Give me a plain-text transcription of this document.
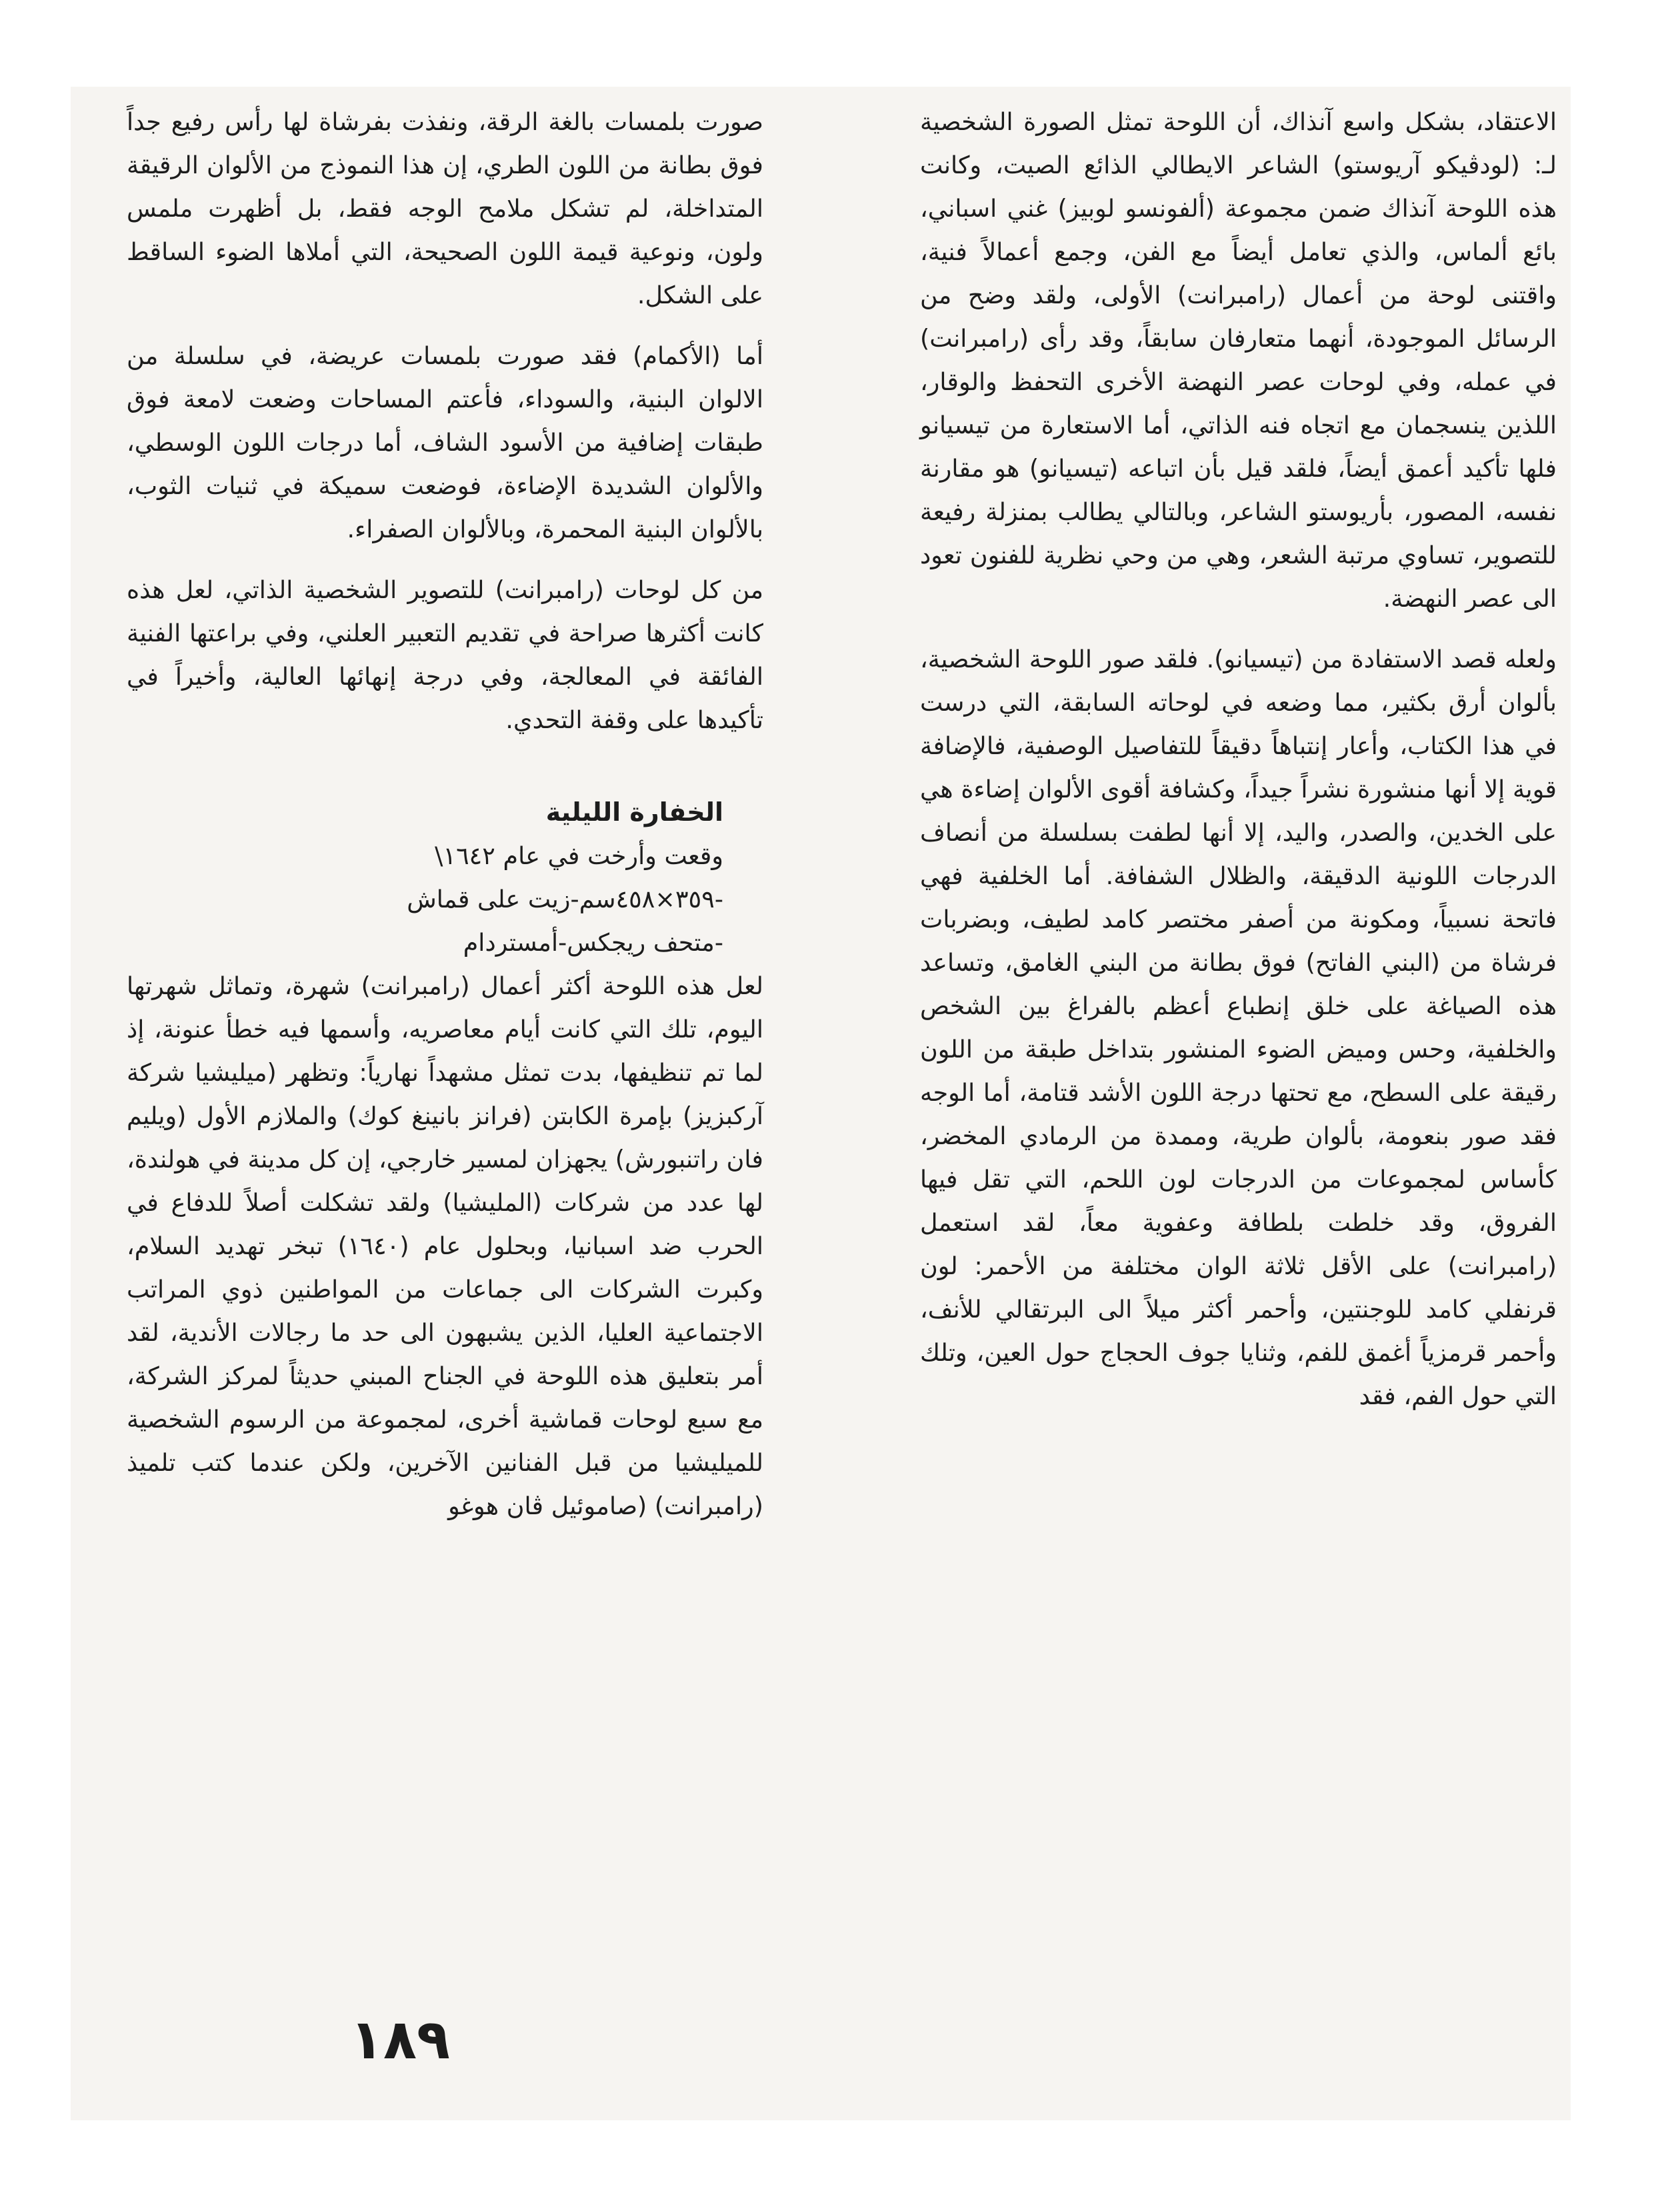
الاعتقاد، بشكل واسع آنذاك، أن اللوحة تمثل الصورة الشخصية لـ: (لودڤيكو آريوستو) الشاعر الايطالي الذائع الصيت، وكانت هذه اللوحة آنذاك ضمن مجموعة (ألفونسو لوبيز) غني اسباني، بائع ألماس، والذي تعامل أيضاً مع الفن، وجمع أعمالاً فنية، واقتنى لوحة من أعمال (رامبرانت) الأولى، ولقد وضح من الرسائل الموجودة، أنهما متعارفان سابقاً، وقد رأى (رامبرانت) في عمله، وفي لوحات عصر النهضة الأخرى التحفظ والوقار، اللذين ينسجمان مع اتجاه فنه الذاتي، أما الاستعارة من تيسيانو فلها تأكيد أعمق أيضاً، فلقد قيل بأن اتباعه (تيسيانو) هو مقارنة نفسه، المصور، بأريوستو الشاعر، وبالتالي يطالب بمنزلة رفيعة للتصوير، تساوي مرتبة الشعر، وهي من وحي نظرية للفنون تعود الى عصر النهضة.

ولعله قصد الاستفادة من (تيسيانو). فلقد صور اللوحة الشخصية، بألوان أرق بكثير، مما وضعه في لوحاته السابقة، التي درست في هذا الكتاب، وأعار إنتباهاً دقيقاً للتفاصيل الوصفية، فالإضافة قوية إلا أنها منشورة نشراً جيداً، وكشافة أقوى الألوان إضاءة هي على الخدين، والصدر، واليد، إلا أنها لطفت بسلسلة من أنصاف الدرجات اللونية الدقيقة، والظلال الشفافة. أما الخلفية فهي فاتحة نسبياً، ومكونة من أصفر مختصر كامد لطيف، وبضربات فرشاة من (البني الفاتح) فوق بطانة من البني الغامق، وتساعد هذه الصياغة على خلق إنطباع أعظم بالفراغ بين الشخص والخلفية، وحس وميض الضوء المنشور بتداخل طبقة من اللون رقيقة على السطح، مع تحتها درجة اللون الأشد قتامة، أما الوجه فقد صور بنعومة، بألوان طرية، وممدة من الرمادي المخضر، كأساس لمجموعات من الدرجات لون اللحم، التي تقل فيها الفروق، وقد خلطت بلطافة وعفوية معاً، لقد استعمل (رامبرانت) على الأقل ثلاثة الوان مختلفة من الأحمر: لون قرنفلي كامد للوجنتين، وأحمر أكثر ميلاً الى البرتقالي للأنف، وأحمر قرمزياً أغمق للفم، وثنايا جوف الحجاج حول العين، وتلك التي حول الفم، فقد

صورت بلمسات بالغة الرقة، ونفذت بفرشاة لها رأس رفيع جداً فوق بطانة من اللون الطري، إن هذا النموذج من الألوان الرقيقة المتداخلة، لم تشكل ملامح الوجه فقط، بل أظهرت ملمس ولون، ونوعية قيمة اللون الصحيحة، التي أملاها الضوء الساقط على الشكل.

أما (الأكمام) فقد صورت بلمسات عريضة، في سلسلة من الالوان البنية، والسوداء، فأعتم المساحات وضعت لامعة فوق طبقات إضافية من الأسود الشاف، أما درجات اللون الوسطي، والألوان الشديدة الإضاءة، فوضعت سميكة في ثنيات الثوب، بالألوان البنية المحمرة، وبالألوان الصفراء.

من كل لوحات (رامبرانت) للتصوير الشخصية الذاتي، لعل هذه كانت أكثرها صراحة في تقديم التعبير العلني، وفي براعتها الفنية الفائقة في المعالجة، وفي درجة إنهائها العالية، وأخيراً في تأكيدها على وقفة التحدي.

الخفارة الليلية

وقعت وأرخت في عام ١٦٤٢\

-٣٥٩×٤٥٨سم-زيت على قماش

-متحف ريجكس-أمستردام

لعل هذه اللوحة أكثر أعمال (رامبرانت) شهرة، وتماثل شهرتها اليوم، تلك التي كانت أيام معاصريه، وأسمها فيه خطأ عنونة، إذ لما تم تنظيفها، بدت تمثل مشهداً نهارياً: وتظهر (ميليشيا شركة آركبزيز) بإمرة الكابتن (فرانز بانينغ كوك) والملازم الأول (ويليم فان راتنبورش) يجهزان لمسير خارجي، إن كل مدينة في هولندة، لها عدد من شركات (المليشيا) ولقد تشكلت أصلاً للدفاع في الحرب ضد اسبانيا، وبحلول عام (١٦٤٠) تبخر تهديد السلام، وكبرت الشركات الى جماعات من المواطنين ذوي المراتب الاجتماعية العليا، الذين يشبهون الى حد ما رجالات الأندية، لقد أمر بتعليق هذه اللوحة في الجناح المبني حديثاً لمركز الشركة، مع سبع لوحات قماشية أخرى، لمجموعة من الرسوم الشخصية للميليشيا من قبل الفنانين الآخرين، ولكن عندما كتب تلميذ (رامبرانت) (صاموئيل ڤان هوغو

١٨٩
